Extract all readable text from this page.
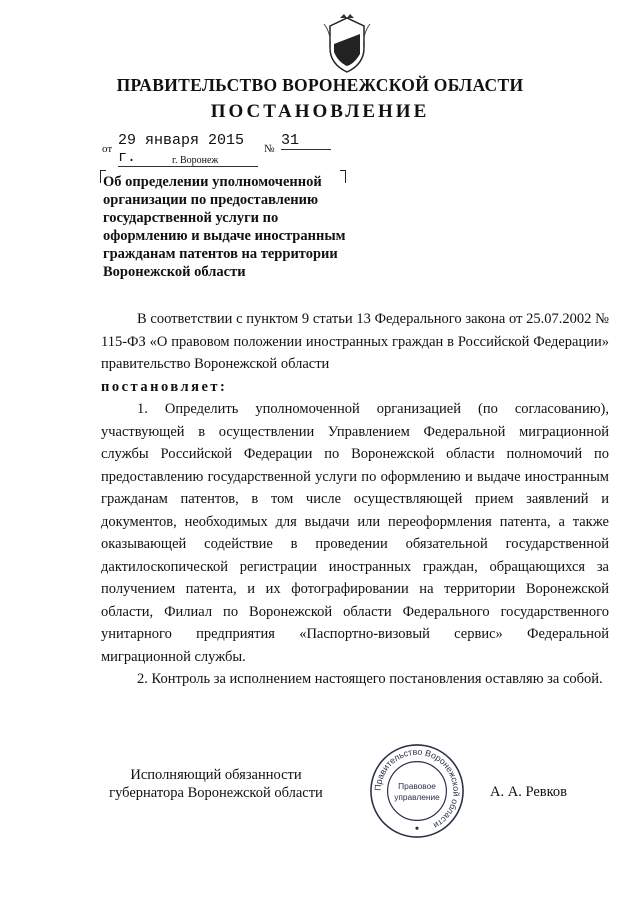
ПРАВИТЕЛЬСТВО ВОРОНЕЖСКОЙ ОБЛАСТИ
ПОСТАНОВЛЕНИЕ
от 29 января 2015 г.	№ 31
г. Воронеж
Об определении уполномоченной
организации по предоставлению
государственной услуги по
оформлению и выдаче иностранным
гражданам патентов на территории
Воронежской области

В соответствии с пунктом 9 статьи 13 Федерального закона от 25.07.2002 № 115-ФЗ «О правовом положении иностранных граждан в Российской Федерации» правительство Воронежской области

постановляет:

1. Определить уполномоченной организацией (по согласованию), участвующей в осуществлении Управлением Федеральной миграционной службы Российской Федерации по Воронежской области полномочий по предоставлению государственной услуги по оформлению и выдаче иностранным гражданам патентов, в том числе осуществляющей прием заявлений и документов, необходимых для выдачи или переоформления патента, а также оказывающей содействие в проведении обязательной государственной дактилоскопической регистрации иностранных граждан, обращающихся за получением патента, и их фотографировании на территории Воронежской области, Филиал по Воронежской области Федерального государственного унитарного предприятия «Паспортно-визовый сервис» Федеральной миграционной службы.

2. Контроль за исполнением настоящего постановления оставляю за собой.

Исполняющий обязанности
губернатора Воронежской области	Правительство Воронежской области
Правовое
управление	А. А. Ревков
